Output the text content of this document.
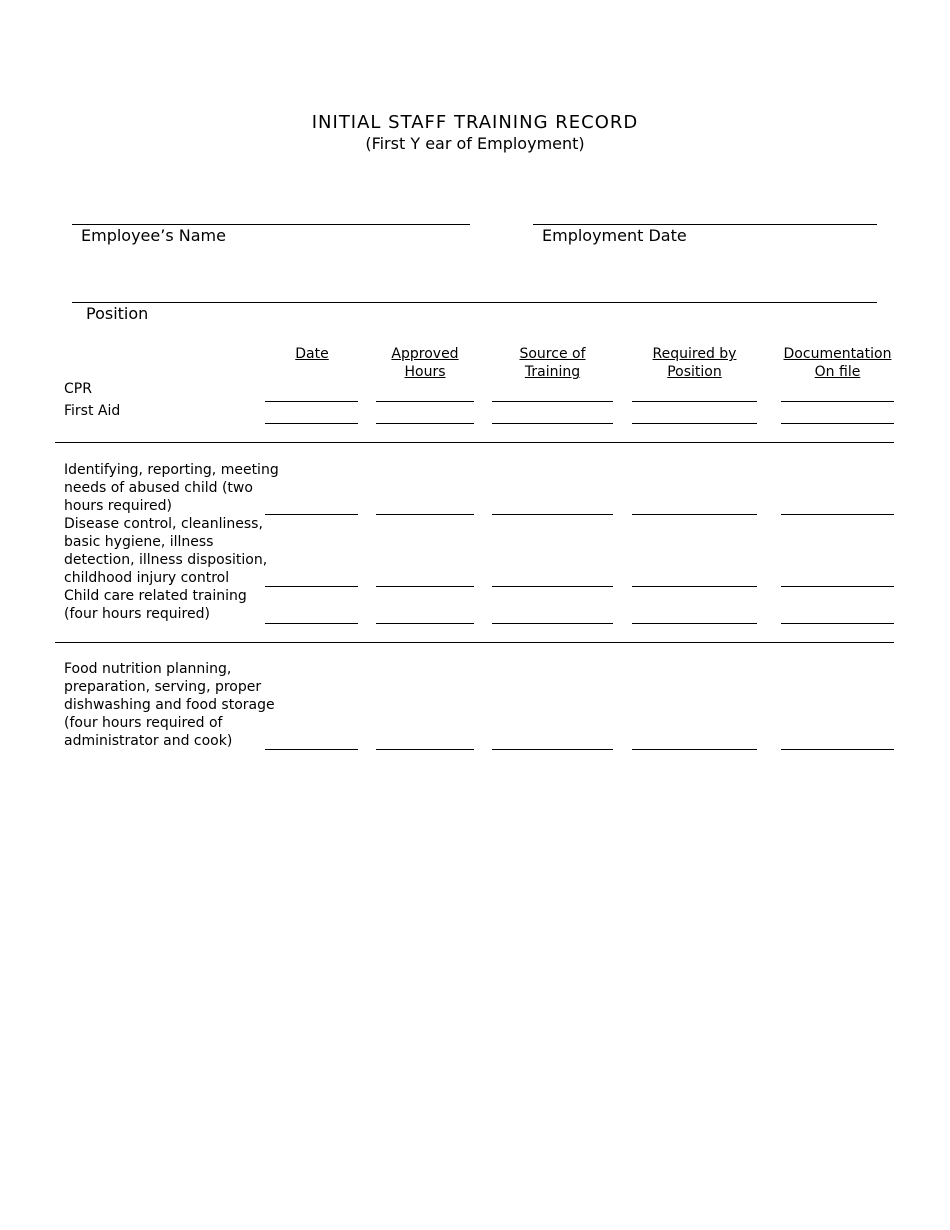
INITIAL STAFF TRAINING RECORD
(First Y ear of Employment)
Employee’s Name	Employment Date
Position
Date	Approved
Hours
Source of
Training
Required by
Position
Documentation
On file
CPR
First Aid
Identifying, reporting, meeting
needs of abused child (two
hours required)
Disease control, cleanliness,
basic hygiene, illness
detection, illness disposition,
childhood injury control
Child care related training
(four hours required)
Food nutrition planning,
preparation, serving, proper
dishwashing and food storage
(four hours required of
administrator and cook)
